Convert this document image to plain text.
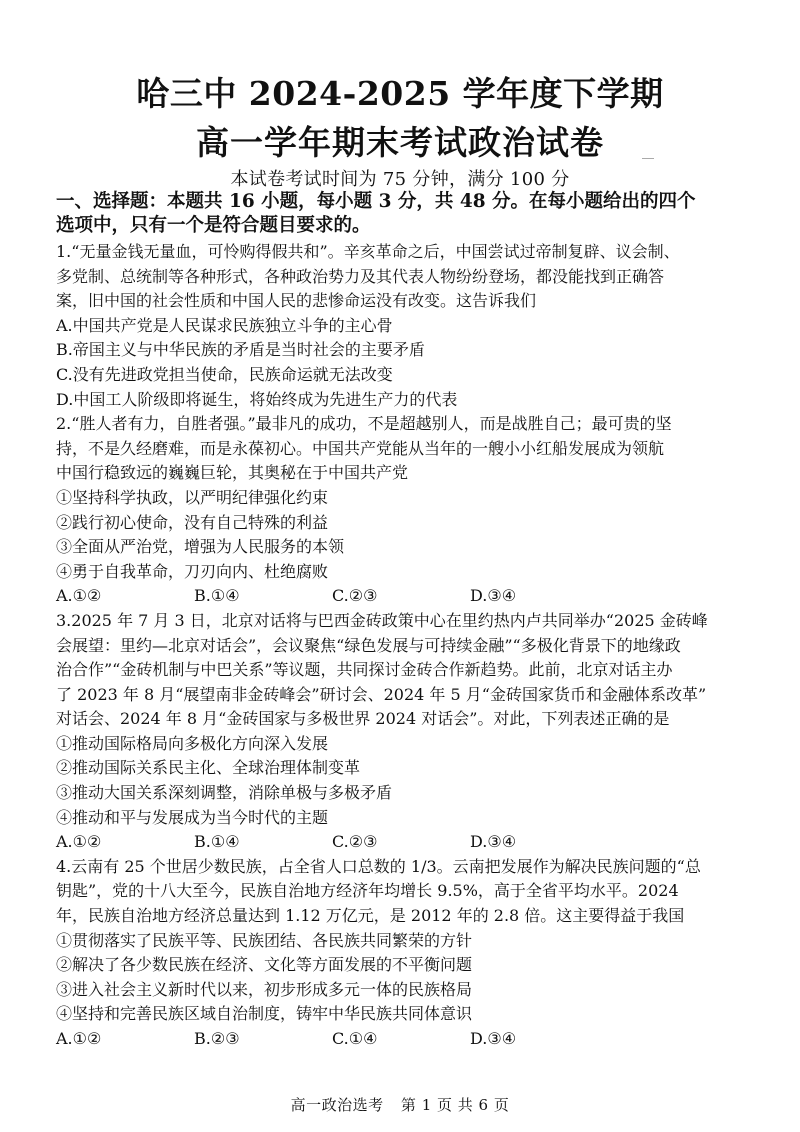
哈三中 2024-2025 学年度下学期
高一学年期末考试政治试卷
本试卷考试时间为 75 分钟，满分 100 分
一、选择题：本题共 16 小题，每小题 3 分，共 48 分。在每小题给出的四个
选项中，只有一个是符合题目要求的。
1.“无量金钱无量血，可怜购得假共和”。辛亥革命之后，中国尝试过帝制复辟、议会制、
多党制、总统制等各种形式，各种政治势力及其代表人物纷纷登场，都没能找到正确答
案，旧中国的社会性质和中国人民的悲惨命运没有改变。这告诉我们
A.中国共产党是人民谋求民族独立斗争的主心骨
B.帝国主义与中华民族的矛盾是当时社会的主要矛盾
C.没有先进政党担当使命，民族命运就无法改变
D.中国工人阶级即将诞生，将始终成为先进生产力的代表
2.“胜人者有力，自胜者强。”最非凡的成功，不是超越别人，而是战胜自己；最可贵的坚
持，不是久经磨难，而是永葆初心。中国共产党能从当年的一艘小小红船发展成为领航
中国行稳致远的巍巍巨轮，其奥秘在于中国共产党
①坚持科学执政，以严明纪律强化约束
②践行初心使命，没有自己特殊的利益
③全面从严治党，增强为人民服务的本领
④勇于自我革命，刀刃向内、杜绝腐败
A.①②	B.①④	C.②③	D.③④
3.2025 年 7 月 3 日，北京对话将与巴西金砖政策中心在里约热内卢共同举办“2025 金砖峰
会展望：里约—北京对话会”，会议聚焦“绿色发展与可持续金融”“多极化背景下的地缘政
治合作”“金砖机制与中巴关系”等议题，共同探讨金砖合作新趋势。此前，北京对话主办
了 2023 年 8 月“展望南非金砖峰会”研讨会、2024 年 5 月“金砖国家货币和金融体系改革”
对话会、2024 年 8 月“金砖国家与多极世界 2024 对话会”。对此，下列表述正确的是
①推动国际格局向多极化方向深入发展
②推动国际关系民主化、全球治理体制变革
③推动大国关系深刻调整，消除单极与多极矛盾
④推动和平与发展成为当今时代的主题
A.①②	B.①④	C.②③	D.③④
4.云南有 25 个世居少数民族，占全省人口总数的 1/3。云南把发展作为解决民族问题的“总
钥匙”，党的十八大至今，民族自治地方经济年均增长 9.5%，高于全省平均水平。2024
年，民族自治地方经济总量达到 1.12 万亿元，是 2012 年的 2.8 倍。这主要得益于我国
①贯彻落实了民族平等、民族团结、各民族共同繁荣的方针
②解决了各少数民族在经济、文化等方面发展的不平衡问题
③进入社会主义新时代以来，初步形成多元一体的民族格局
④坚持和完善民族区域自治制度，铸牢中华民族共同体意识
A.①②	B.②③	C.①④	D.③④
高一政治选考 第 1 页 共 6 页
